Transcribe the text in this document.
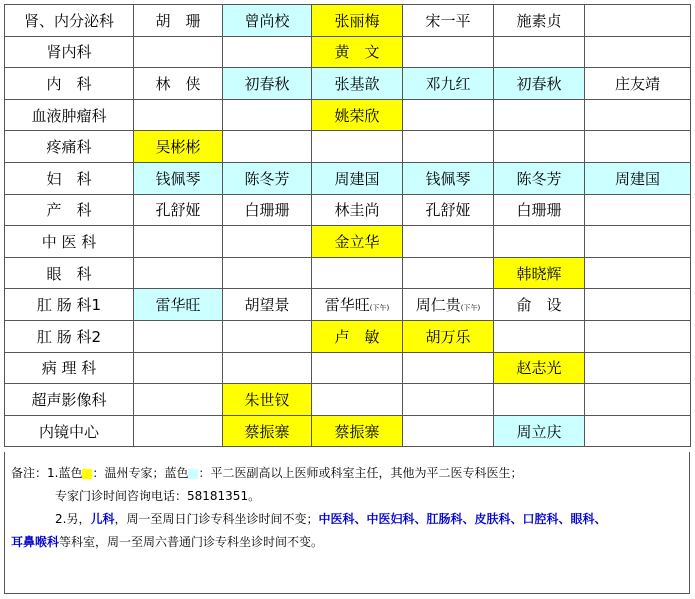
肾、内分泌科	胡　珊	曾尚校	张丽梅	宋一平	施素贞	
肾内科			黄　文			
内　科	林　侠	初春秋	张基歆	邓九红	初春秋	庄友靖
血液肿瘤科			姚荣欣			
疼痛科	吴彬彬					
妇　科	钱佩琴	陈冬芳	周建国	钱佩琴	陈冬芳	周建国
产　科	孔舒娅	白珊珊	林圭尚	孔舒娅	白珊珊	
中 医 科			金立华			
眼　科					韩晓辉	
肛 肠 科1	雷华旺	胡望景	雷华旺(下午)	周仁贵(下午)	俞　设	
肛 肠 科2			卢　敏	胡万乐		
病 理 科					赵志光	
超声影像科		朱世钗				
内镜中心		蔡振寨	蔡振寨		周立庆	
备注：1.蓝色 ：温州专家；蓝色 ：平二医副高以上医师或科室主任，其他为平二医专科医生；
专家门诊时间咨询电话：58181351。
2.另，儿科，周一至周日门诊专科坐诊时间不变；中医科、中医妇科、肛肠科、皮肤科、口腔科、眼科、
耳鼻喉科等科室，周一至周六普通门诊专科坐诊时间不变。
